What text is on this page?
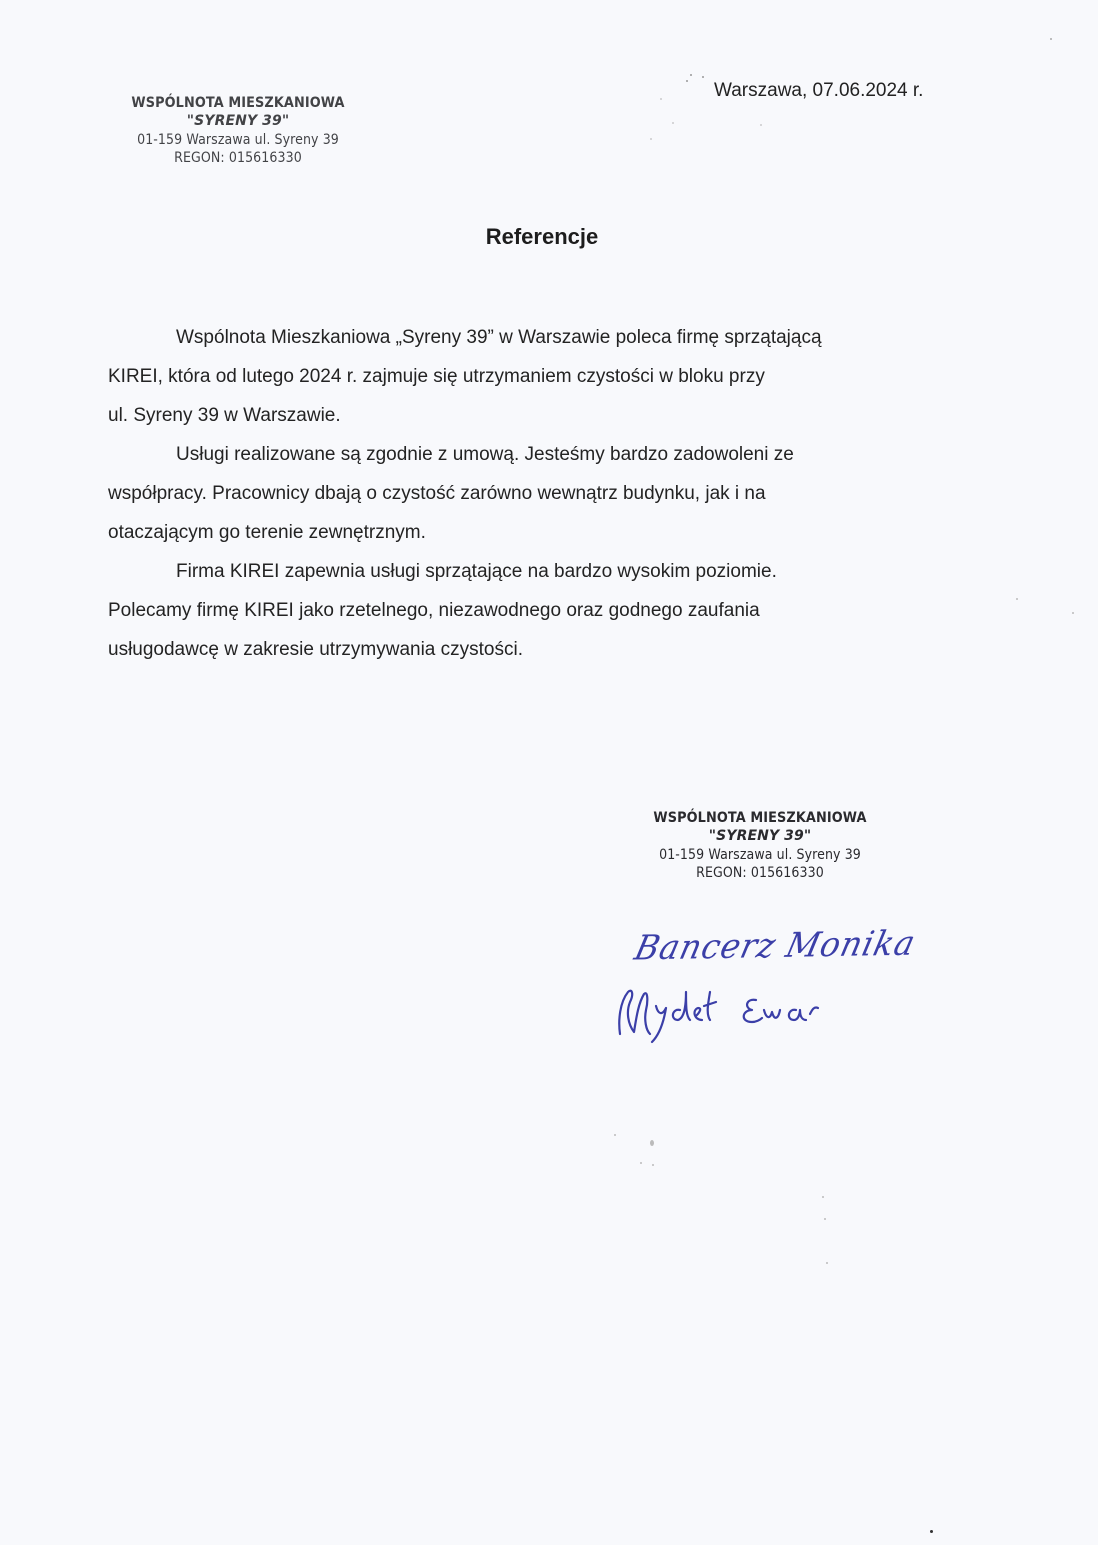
WSPÓLNOTA MIESZKANIOWA
"SYRENY 39"
01-159 Warszawa ul. Syreny 39
REGON: 015616330
Warszawa, 07.06.2024 r.
Referencje

Wspólnota Mieszkaniowa „Syreny 39” w Warszawie poleca firmę sprzątającą
KIREI, która od lutego 2024 r. zajmuje się utrzymaniem czystości w bloku przy
ul. Syreny 39 w Warszawie.

Usługi realizowane są zgodnie z umową. Jesteśmy bardzo zadowoleni ze
współpracy. Pracownicy dbają o czystość zarówno wewnątrz budynku, jak i na
otaczającym go terenie zewnętrznym.

Firma KIREI zapewnia usługi sprzątające na bardzo wysokim poziomie.
Polecamy firmę KIREI jako rzetelnego, niezawodnego oraz godnego zaufania
usługodawcę w zakresie utrzymywania czystości.

WSPÓLNOTA MIESZKANIOWA
"SYRENY 39"
01-159 Warszawa ul. Syreny 39
REGON: 015616330
Bancerz Monika
